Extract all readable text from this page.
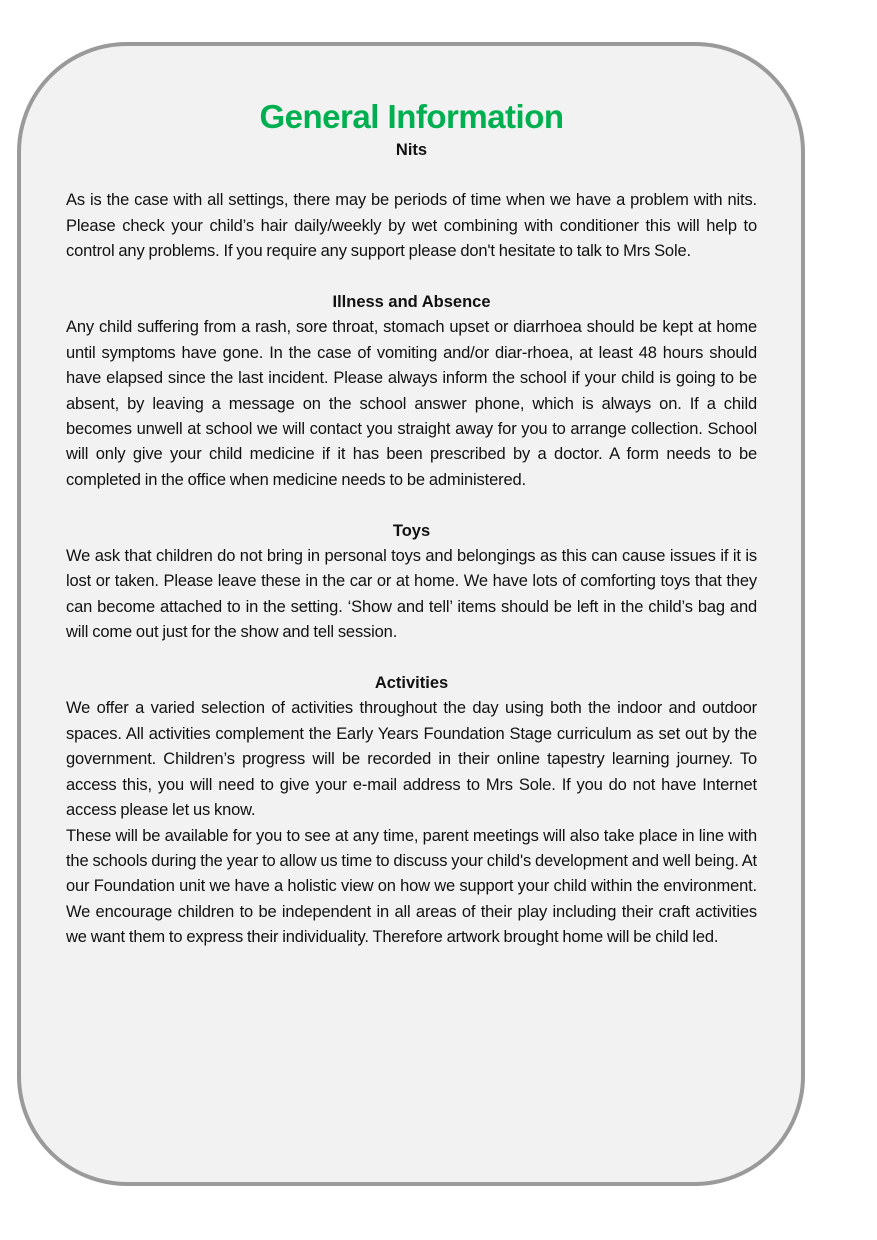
General Information
Nits

As is the case with all settings, there may be periods of time when we have a problem with nits. Please check your child’s hair daily/weekly by wet combining with conditioner this will help to control any problems. If you require any support please don't hesitate to talk to Mrs Sole.

Illness and Absence

Any child suffering from a rash, sore throat, stomach upset or diarrhoea should be kept at home until symptoms have gone. In the case of vomiting and/or diar-rhoea, at least 48 hours should have elapsed since the last incident. Please always inform the school if your child is going to be absent, by leaving a message on the school answer phone, which is always on. If a child becomes unwell at school we will contact you straight away for you to arrange collection. School will only give your child medicine if it has been prescribed by a doctor. A form needs to be completed in the office when medicine needs to be administered.

Toys

We ask that children do not bring in personal toys and belongings as this can cause issues if it is lost or taken. Please leave these in the car or at home. We have lots of comforting toys that they can become attached to in the setting. ‘Show and tell’ items should be left in the child’s bag and will come out just for the show and tell session.

Activities

We offer a varied selection of activities throughout the day using both the indoor and outdoor spaces. All activities complement the Early Years Foundation Stage curriculum as set out by the government. Children’s progress will be recorded in their online tapestry learning journey. To access this, you will need to give your e-mail address to Mrs Sole. If you do not have Internet access please let us know.

These will be available for you to see at any time, parent meetings will also take place in line with the schools during the year to allow us time to discuss your child's development and well being. At our Foundation unit we have a holistic view on how we support your child within the environment. We encourage children to be independent in all areas of their play including their craft activities we want them to express their individuality. Therefore artwork brought home will be child led.
